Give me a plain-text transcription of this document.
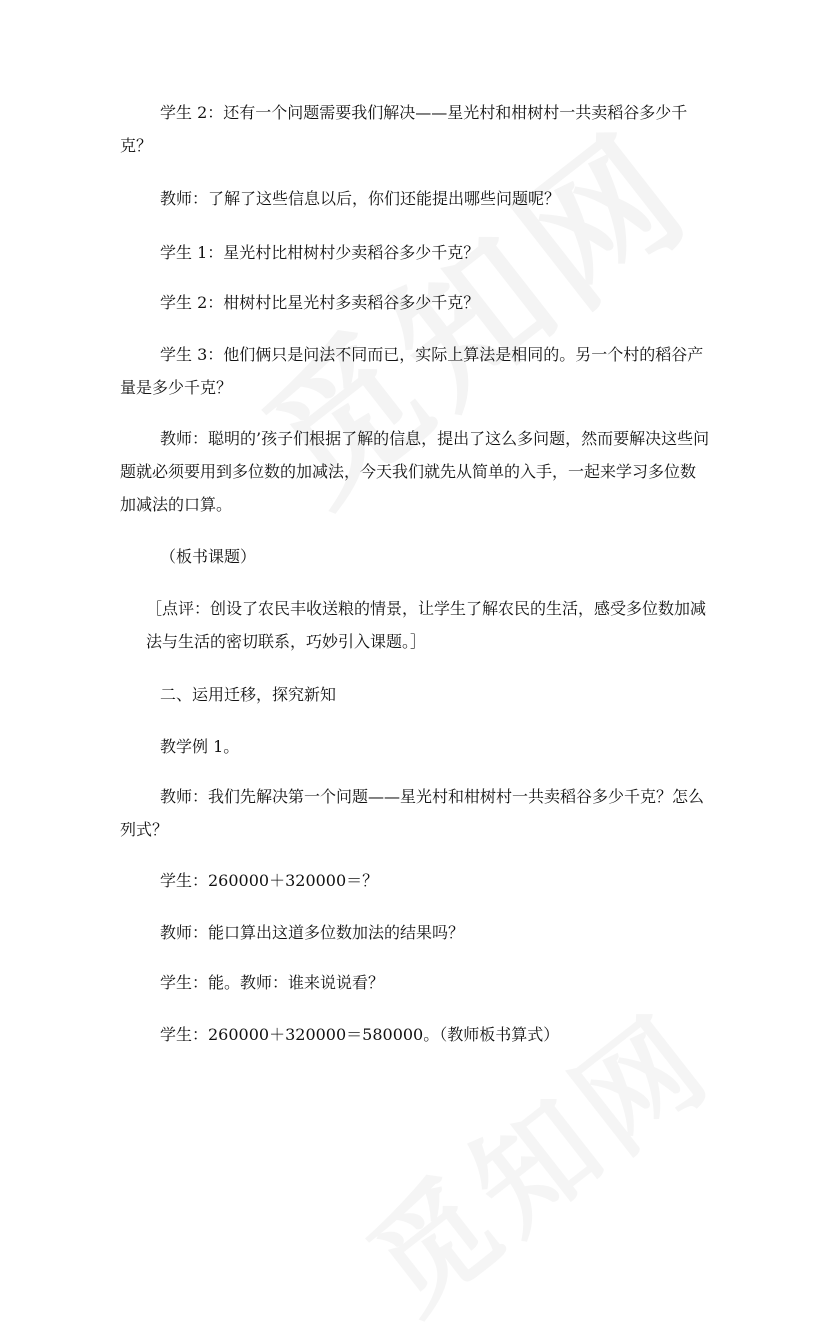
学生 2：还有一个问题需要我们解决——星光村和柑树村一共卖稻谷多少千克？

教师：了解了这些信息以后，你们还能提出哪些问题呢？

学生 1：星光村比柑树村少卖稻谷多少千克？

学生 2：柑树村比星光村多卖稻谷多少千克？

学生 3：他们俩只是问法不同而已，实际上算法是相同的。另一个村的稻谷产量是多少千克？

教师：聪明的’孩子们根据了解的信息，提出了这么多问题，然而要解决这些问题就必须要用到多位数的加减法，今天我们就先从简单的入手，一起来学习多位数加减法的口算。

（板书课题）

［点评：创设了农民丰收送粮的情景，让学生了解农民的生活，感受多位数加减法与生活的密切联系，巧妙引入课题。］

二、运用迁移，探究新知

教学例 1。

教师：我们先解决第一个问题——星光村和柑树村一共卖稻谷多少千克？怎么列式？

学生：260000＋320000＝？

教师：能口算出这道多位数加法的结果吗？

学生：能。教师：谁来说说看？

学生：260000＋320000＝580000。（教师板书算式）
